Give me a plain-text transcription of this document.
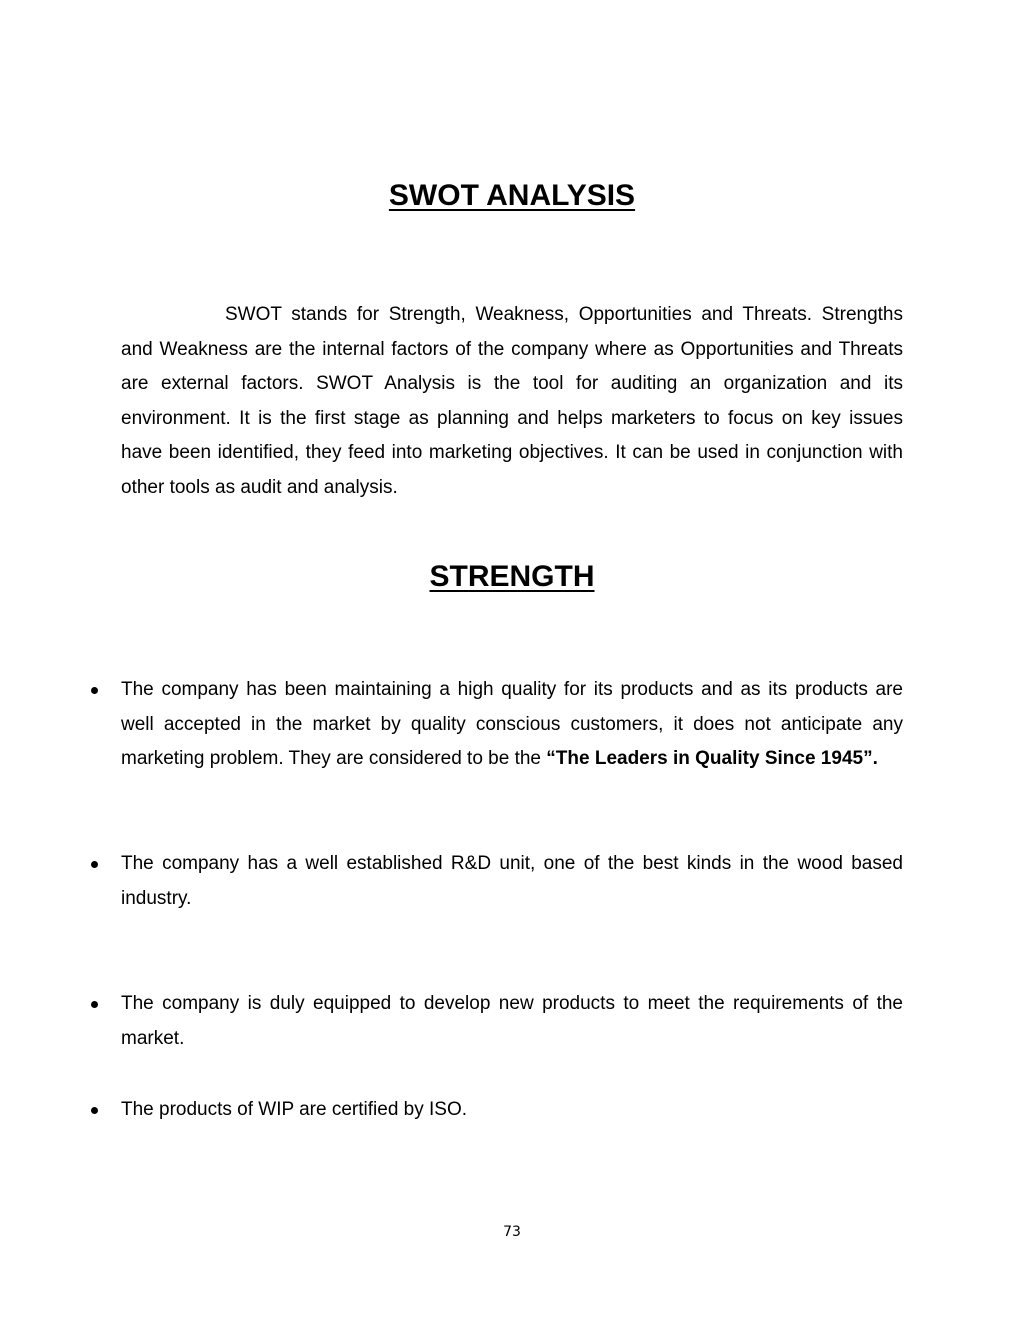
SWOT ANALYSIS

SWOT stands for Strength, Weakness, Opportunities and Threats. Strengths and Weakness are the internal factors of the company where as Opportunities and Threats are external factors. SWOT Analysis is the tool for auditing an organization and its environment. It is the first stage as planning and helps marketers to focus on key issues have been identified, they feed into marketing objectives. It can be used in conjunction with other tools as audit and analysis.

STRENGTH
The company has been maintaining a high quality for its products and as its products are well accepted in the market by quality conscious customers, it does not anticipate any marketing problem. They are considered to be the “The Leaders in Quality Since 1945”.
The company has a well established R&D unit, one of the best kinds in the wood based industry.
The company is duly equipped to develop new products to meet the requirements of the market.
The products of WIP are certified by ISO.

73
